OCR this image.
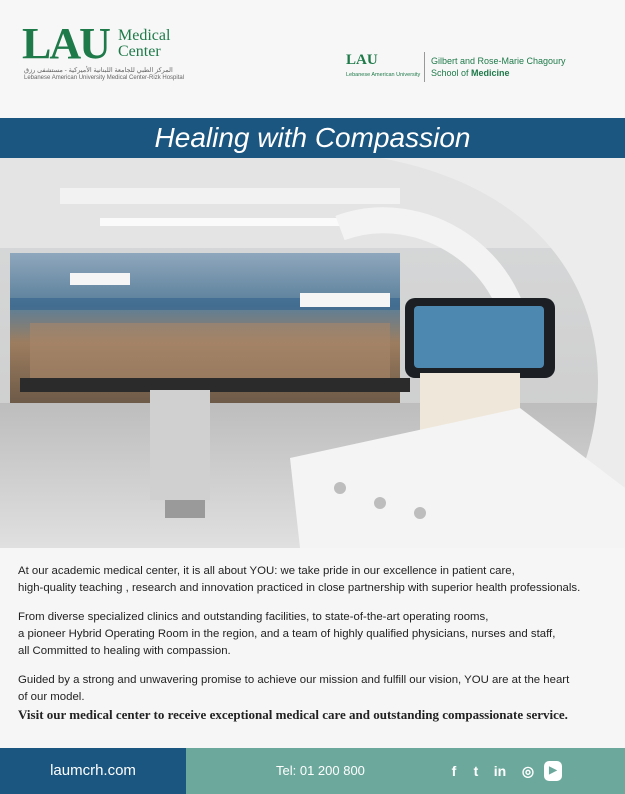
LAU Medical
Center
المركز الطبي للجامعة اللبنانية الأميركية - مستشفى رزق
Lebanese American University Medical Center-Rizk Hospital
LAU
Lebanese American University
Gilbert and Rose-Marie Chagoury
School of Medicine
Healing with Compassion

At our academic medical center, it is all about YOU: we take pride in our excellence in patient care,

high-quality teaching , research and innovation practiced in close partnership with superior health professionals.

From diverse specialized clinics and outstanding facilities, to state-of-the-art operating rooms,

a pioneer Hybrid Operating Room in the region, and a team of highly qualified physicians, nurses and staff,

all Committed to healing with compassion.

Guided by a strong and unwavering promise to achieve our mission and fulfill our vision, YOU are at the heart

of our model.

Visit our medical center to receive exceptional medical care and outstanding compassionate service.

laumcrh.com	Tel: 01 200 800	f	t	in ◎	▶
